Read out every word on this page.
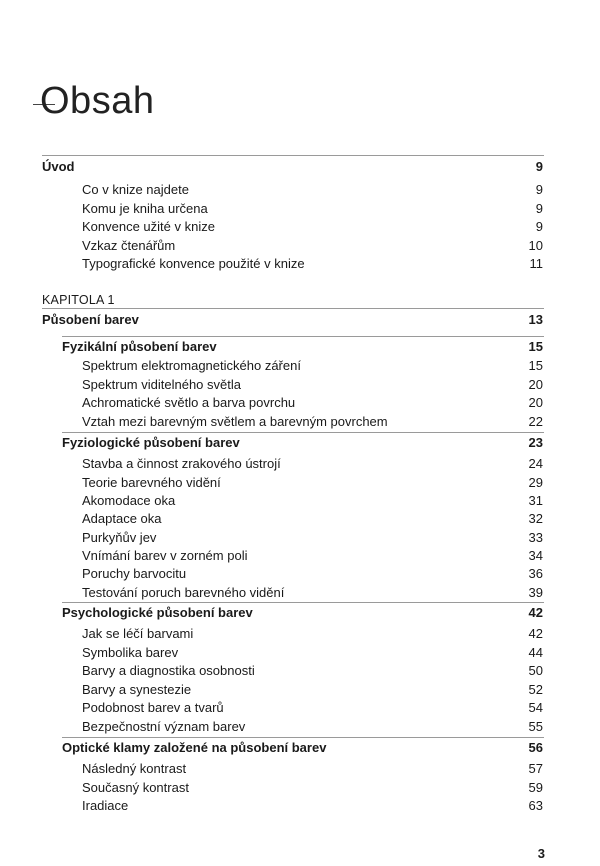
Obsah
Úvod	9
Co v knize najdete	9
Komu je kniha určena	9
Konvence užité v knize	9
Vzkaz čtenářům	10
Typografické konvence použité v knize	11
KAPITOLA 1
Působení barev	13
Fyzikální působení barev	15
Spektrum elektromagnetického záření	15
Spektrum viditelného světla	20
Achromatické světlo a barva povrchu	20
Vztah mezi barevným světlem a barevným povrchem	22
Fyziologické působení barev	23
Stavba a činnost zrakového ústrojí	24
Teorie barevného vidění	29
Akomodace oka	31
Adaptace oka	32
Purkyňův jev	33
Vnímání barev v zorném poli	34
Poruchy barvocitu	36
Testování poruch barevného vidění	39
Psychologické působení barev	42
Jak se léčí barvami	42
Symbolika barev	44
Barvy a diagnostika osobnosti	50
Barvy a synestezie	52
Podobnost barev a tvarů	54
Bezpečnostní význam barev	55
Optické klamy založené na působení barev	56
Následný kontrast	57
Současný kontrast	59
Iradiace	63
3
